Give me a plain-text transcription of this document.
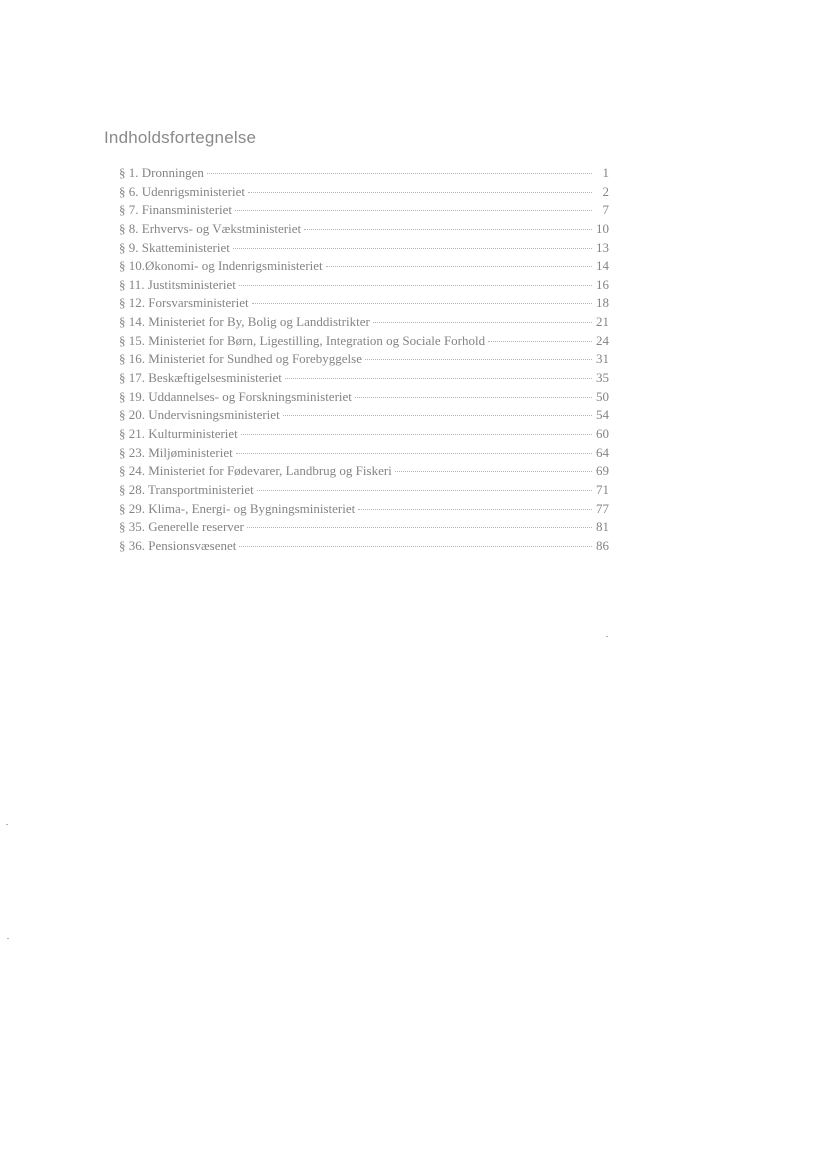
Indholdsfortegnelse
§ 1. Dronningen	1
§ 6. Udenrigsministeriet	2
§ 7. Finansministeriet	7
§ 8. Erhvervs- og Vækstministeriet	10
§ 9. Skatteministeriet	13
§ 10.Økonomi- og Indenrigsministeriet	14
§ 11. Justitsministeriet	16
§ 12. Forsvarsministeriet	18
§ 14. Ministeriet for By, Bolig og Landdistrikter	21
§ 15. Ministeriet for Børn, Ligestilling, Integration og Sociale Forhold	24
§ 16. Ministeriet for Sundhed og Forebyggelse	31
§ 17. Beskæftigelsesministeriet	35
§ 19. Uddannelses- og Forskningsministeriet	50
§ 20. Undervisningsministeriet	54
§ 21. Kulturministeriet	60
§ 23. Miljøministeriet	64
§ 24. Ministeriet for Fødevarer, Landbrug og Fiskeri	69
§ 28. Transportministeriet	71
§ 29. Klima-, Energi- og Bygningsministeriet	77
§ 35. Generelle reserver	81
§ 36. Pensionsvæsenet	86
